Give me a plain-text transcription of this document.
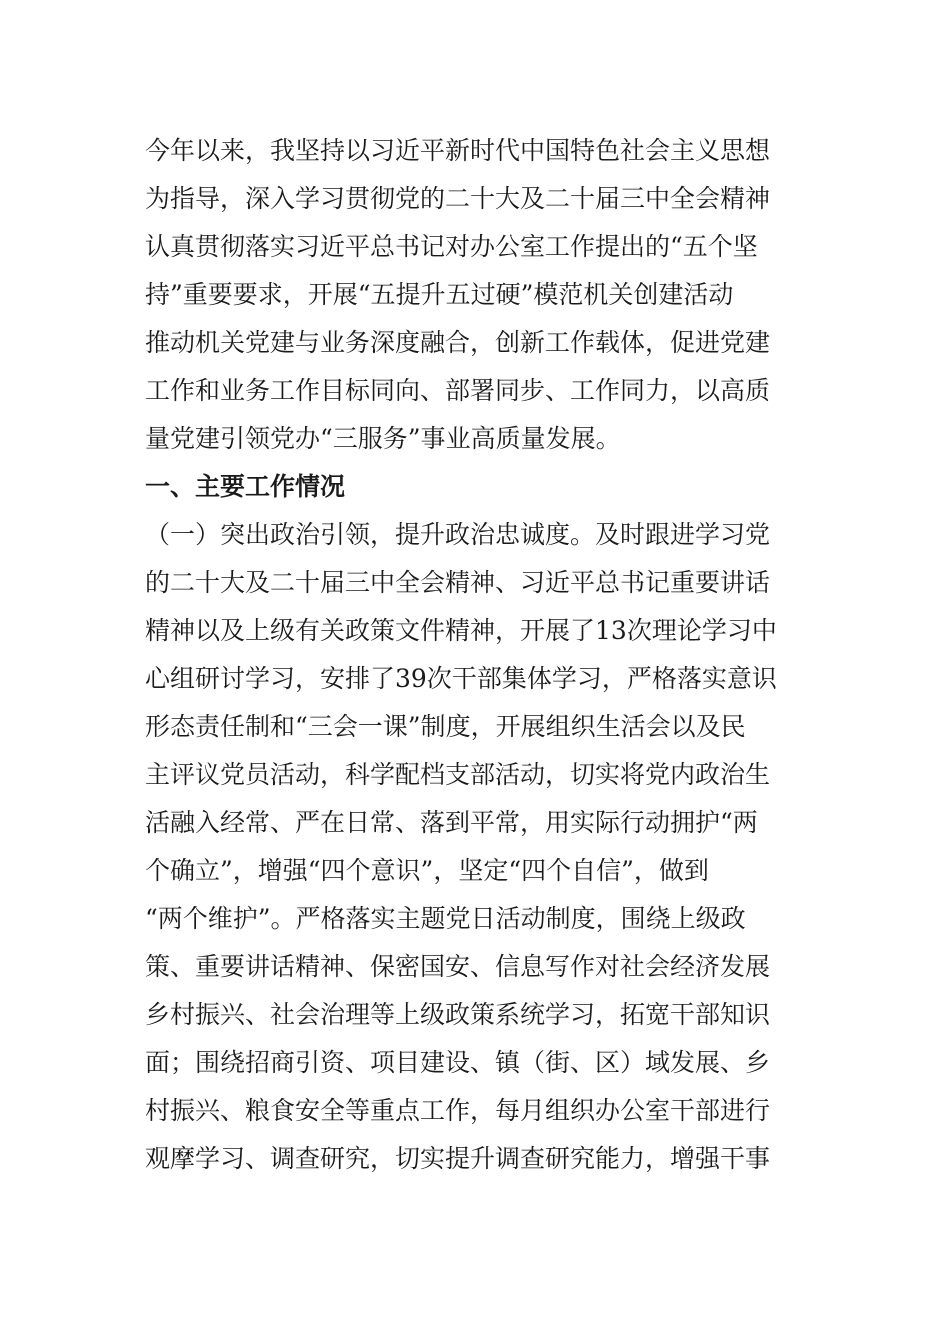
今年以来，我坚持以习近平新时代中国特色社会主义思想
为指导，深入学习贯彻党的二十大及二十届三中全会精神
认真贯彻落实习近平总书记对办公室工作提出的“五个坚
持”重要要求，开展“五提升五过硬”模范机关创建活动
推动机关党建与业务深度融合，创新工作载体，促进党建
工作和业务工作目标同向、部署同步、工作同力，以高质
量党建引领党办“三服务”事业高质量发展。
一、主要工作情况
（一）突出政治引领，提升政治忠诚度。及时跟进学习党
的二十大及二十届三中全会精神、习近平总书记重要讲话
精神以及上级有关政策文件精神，开展了13次理论学习中
心组研讨学习，安排了39次干部集体学习，严格落实意识
形态责任制和“三会一课”制度，开展组织生活会以及民
主评议党员活动，科学配档支部活动，切实将党内政治生
活融入经常、严在日常、落到平常，用实际行动拥护“两
个确立”，增强“四个意识”，坚定“四个自信”，做到
“两个维护”。严格落实主题党日活动制度，围绕上级政
策、重要讲话精神、保密国安、信息写作对社会经济发展
乡村振兴、社会治理等上级政策系统学习，拓宽干部知识
面；围绕招商引资、项目建设、镇（街、区）域发展、乡
村振兴、粮食安全等重点工作，每月组织办公室干部进行
观摩学习、调查研究，切实提升调查研究能力，增强干事
